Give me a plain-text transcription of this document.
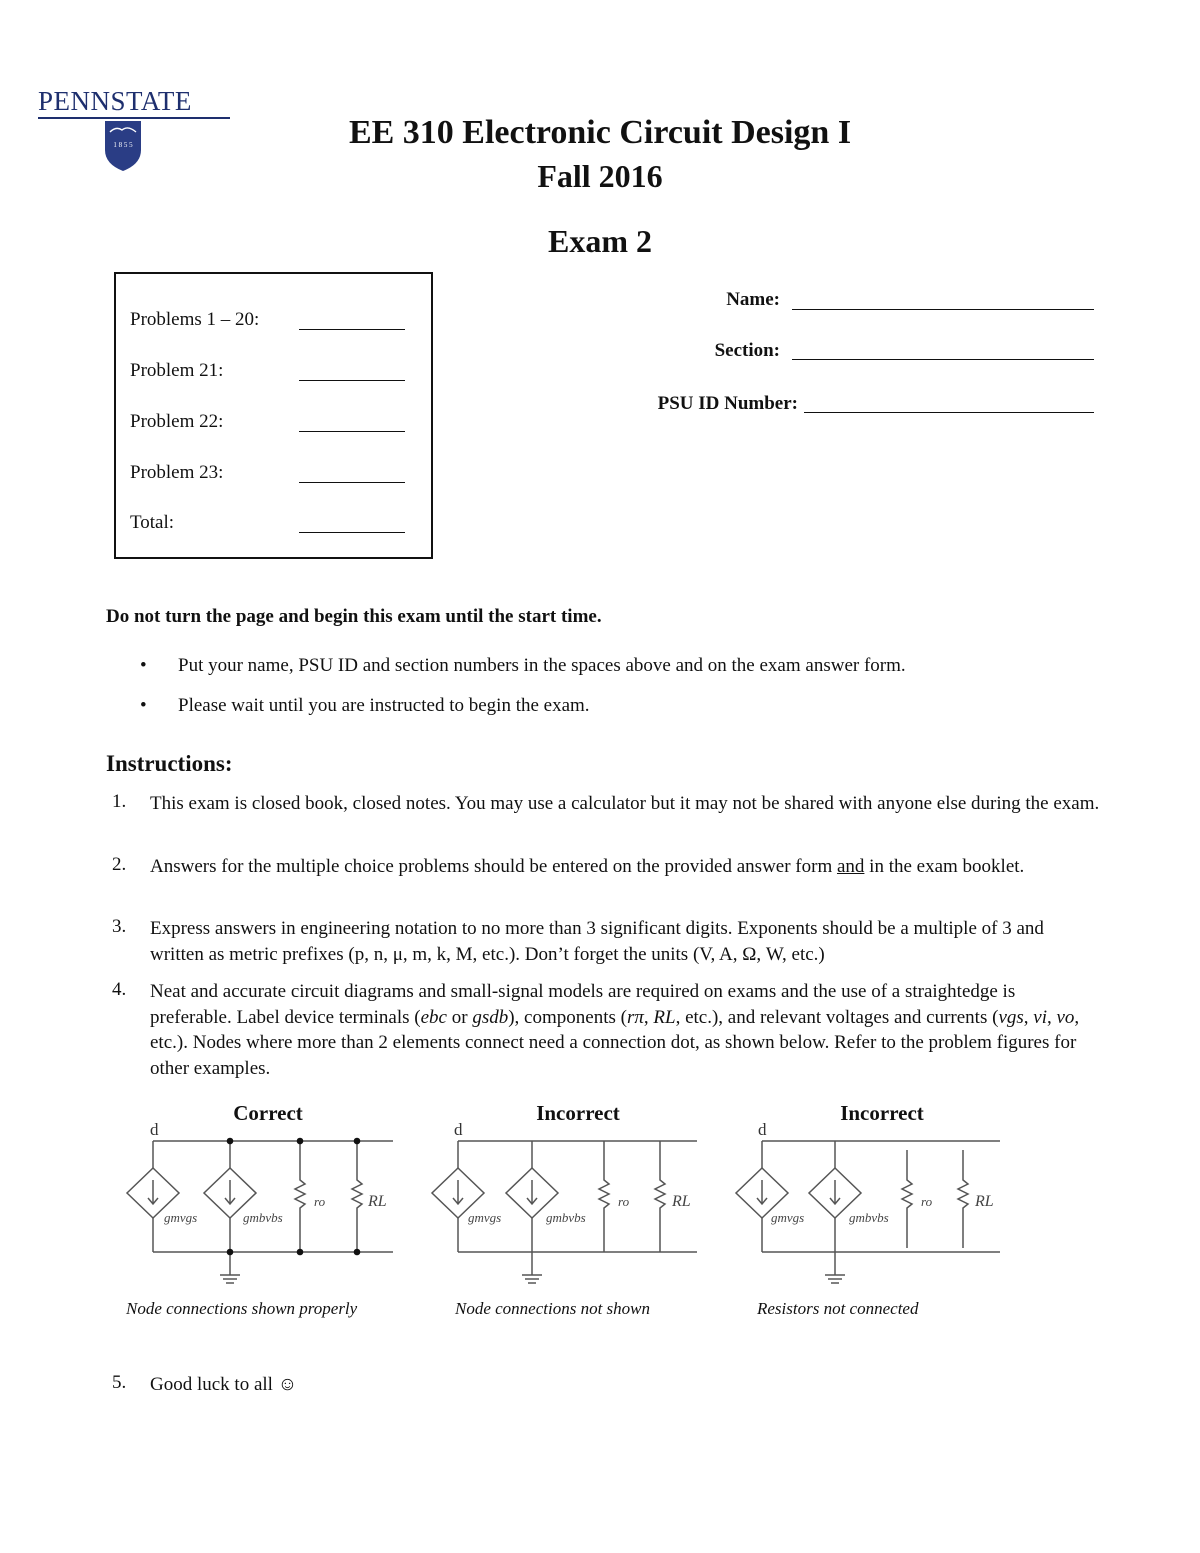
PENNSTATE
1 8 5 5	EE 310 Electronic Circuit Design I
Fall 2016
Exam 2
Problems 1 – 20:
Problem 21:
Problem 22:
Problem 23:
Total:
Name:
Section:
PSU ID Number:
Do not turn the page and begin this exam until the start time.
• Put your name, PSU ID and section numbers in the spaces above and on the exam answer form.
• Please wait until you are instructed to begin the exam.
Instructions:
1. This exam is closed book, closed notes. You may use a calculator but it may not be shared with anyone else during the exam.
2. Answers for the multiple choice problems should be entered on the provided answer form and in the exam booklet.
3. Express answers in engineering notation to no more than 3 significant digits. Exponents should be a multiple of 3 and written as metric prefixes (p, n, μ, m, k, M, etc.). Don’t forget the units (V, A, Ω, W, etc.)
4. Neat and accurate circuit diagrams and small-signal models are required on exams and the use of a straightedge is preferable. Label device terminals (ebc or gsdb), components (rπ, RL, etc.), and relevant voltages and currents (vgs, vi, vo, etc.). Nodes where more than 2 elements connect need a connection dot, as shown below. Refer to the problem figures for other examples.
Correct	Incorrect	Incorrect
d
gmvgs	gmbvbs
ro	RL
d
gmvgs	gmbvbs
ro	RL
d
gmvgs	gmbvbs
ro	RL
Node connections shown properly	Node connections not shown	Resistors not connected
5. Good luck to all ☺
